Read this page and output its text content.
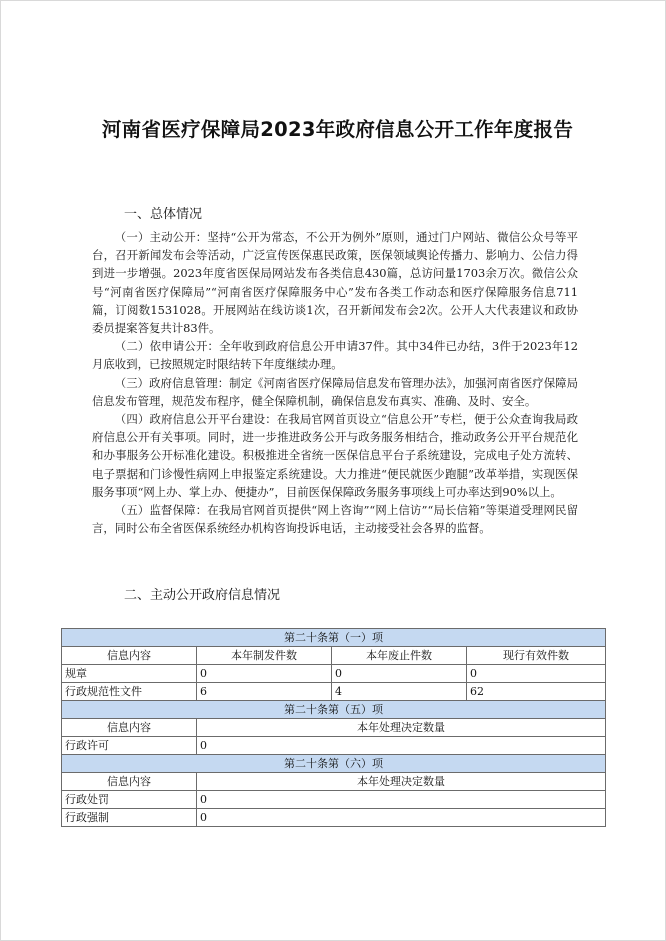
河南省医疗保障局2023年政府信息公开工作年度报告
一、总体情况

（一）主动公开：坚持“公开为常态，不公开为例外”原则，通过门户网站、微信公众号等平台，召开新闻发布会等活动，广泛宣传医保惠民政策，医保领域舆论传播力、影响力、公信力得到进一步增强。2023年度省医保局网站发布各类信息430篇，总访问量1703余万次。微信公众号“河南省医疗保障局”“河南省医疗保障服务中心”发布各类工作动态和医疗保障服务信息711篇，订阅数1531028。开展网站在线访谈1次，召开新闻发布会2次。公开人大代表建议和政协委员提案答复共计83件。

（二）依申请公开：全年收到政府信息公开申请37件。其中34件已办结，3件于2023年12月底收到，已按照规定时限结转下年度继续办理。

（三）政府信息管理：制定《河南省医疗保障局信息发布管理办法》，加强河南省医疗保障局信息发布管理，规范发布程序，健全保障机制，确保信息发布真实、准确、及时、安全。

（四）政府信息公开平台建设：在我局官网首页设立“信息公开”专栏，便于公众查询我局政府信息公开有关事项。同时，进一步推进政务公开与政务服务相结合，推动政务公开平台规范化和办事服务公开标准化建设。积极推进全省统一医保信息平台子系统建设，完成电子处方流转、电子票据和门诊慢性病网上申报鉴定系统建设。大力推进“便民就医少跑腿”改革举措，实现医保服务事项“网上办、掌上办、便捷办”，目前医保保障政务服务事项线上可办率达到90%以上。

（五）监督保障：在我局官网首页提供“网上咨询”“网上信访”“局长信箱”等渠道受理网民留言，同时公布全省医保系统经办机构咨询投诉电话，主动接受社会各界的监督。

二、主动公开政府信息情况
第二十条第（一）项			
信息内容	本年制发件数	本年废止件数	现行有效件数
规章	0	0	0
行政规范性文件	6	4	62
第二十条第（五）项			
信息内容	本年处理决定数量		
行政许可	0		
第二十条第（六）项			
信息内容	本年处理决定数量		
行政处罚	0		
行政强制	0		
